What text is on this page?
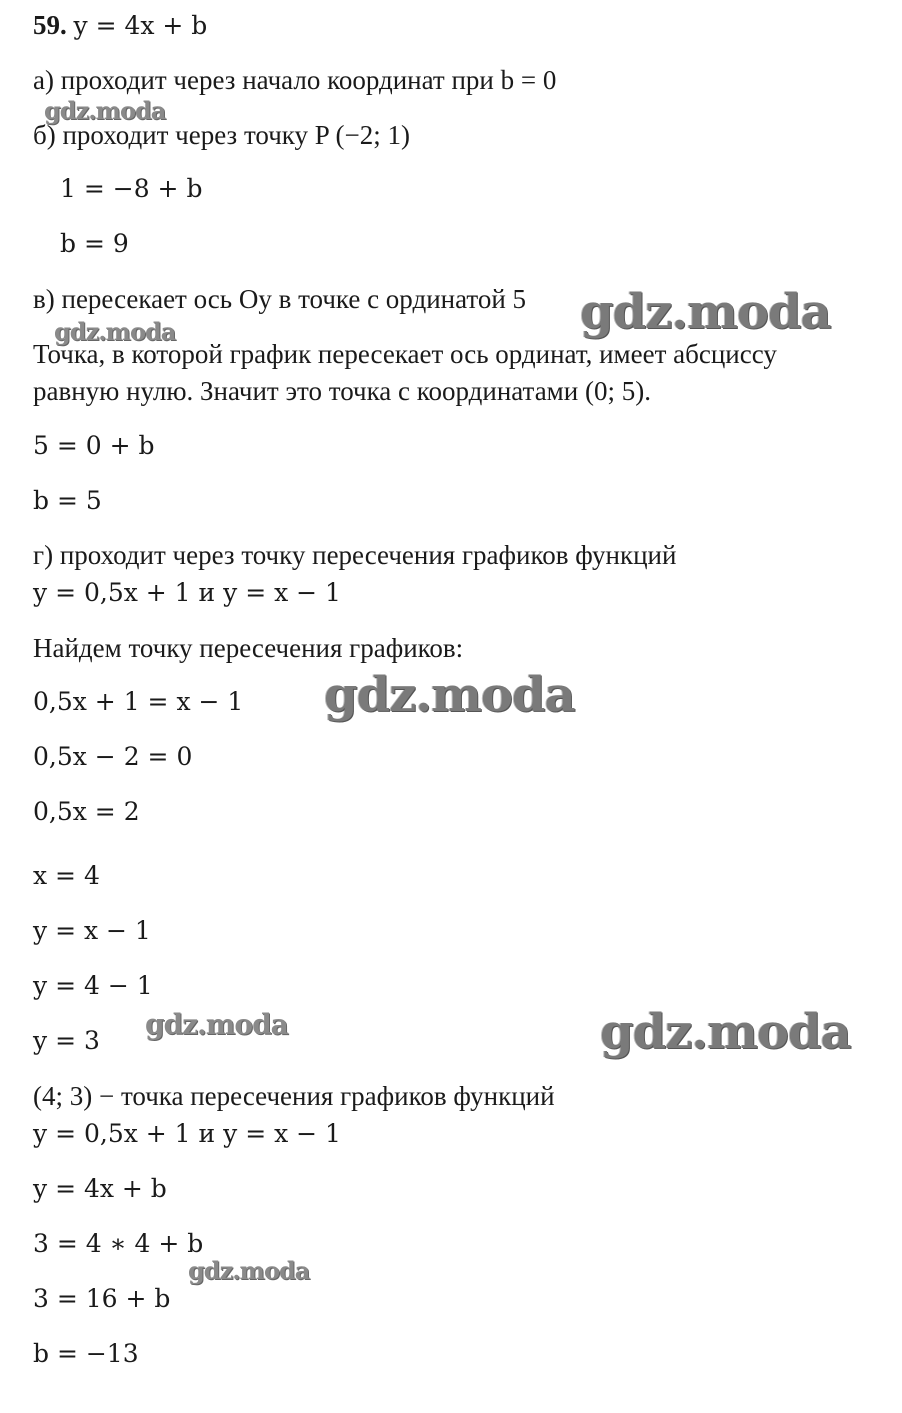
59. y = 4x + b
а) проходит через начало координат при b = 0
б) проходит через точку P (−2; 1)
1 = −8 + b
b = 9
в) пересекает ось Oy в точке с ординатой 5
Точка, в которой график пересекает ось ординат, имеет абсциссу
равную нулю. Значит это точка с координатами (0; 5).
5 = 0 + b
b = 5
г) проходит через точку пересечения графиков функций
y = 0,5x + 1 и y = x − 1
Найдем точку пересечения графиков:
0,5x + 1 = x − 1
0,5x − 2 = 0
0,5x = 2
x = 4
y = x − 1
y = 4 − 1
y = 3
(4; 3) − точка пересечения графиков функций
y = 0,5x + 1 и y = x − 1
y = 4x + b
3 = 4 ∗ 4 + b
3 = 16 + b
b = −13
gdz.moda
gdz.moda
gdz.moda
gdz.moda
gdz.moda	gdz.moda
gdz.moda
